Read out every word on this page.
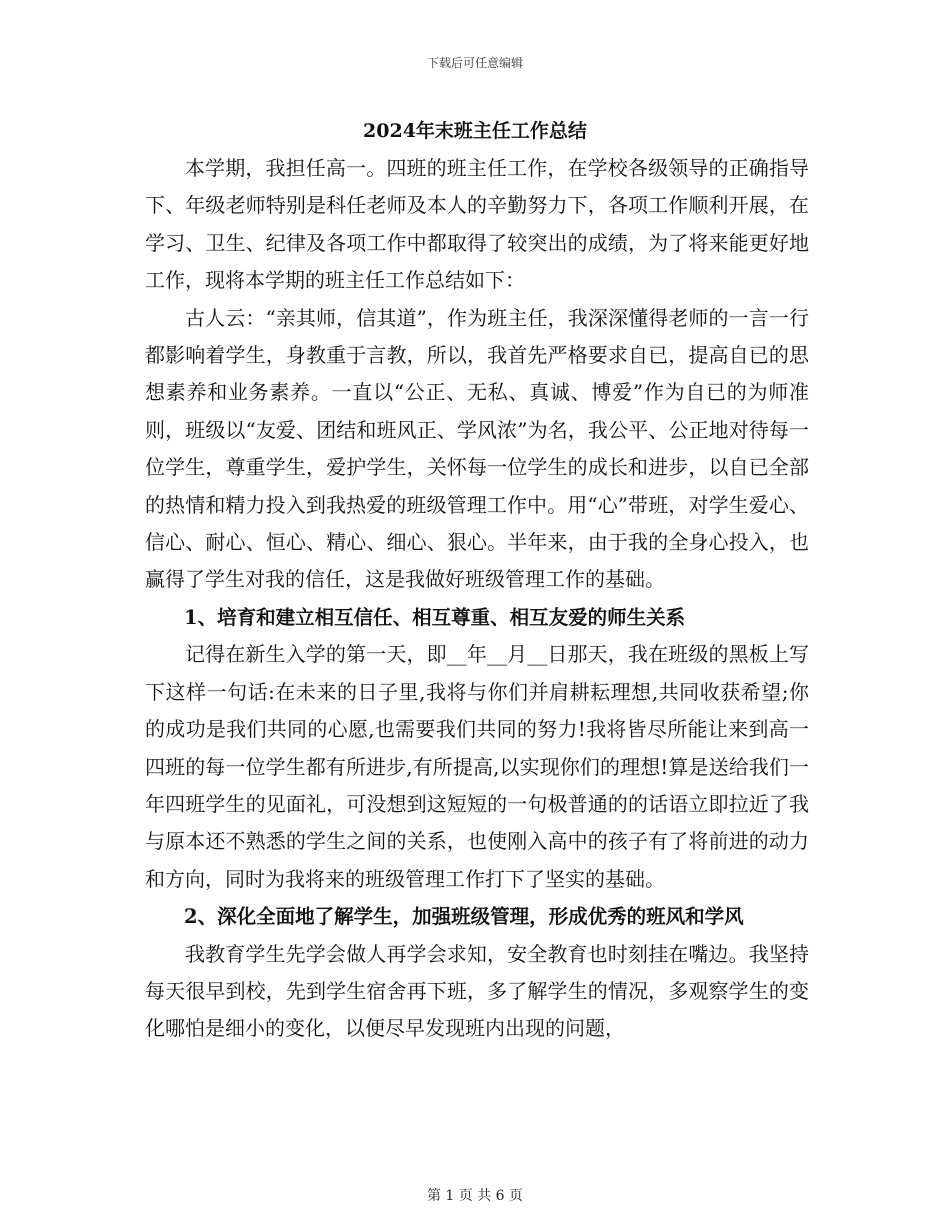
下载后可任意编辑
2024年末班主任工作总结

本学期，我担任高一。四班的班主任工作，在学校各级领导的正确指导下、年级老师特别是科任老师及本人的辛勤努力下，各项工作顺利开展，在学习、卫生、纪律及各项工作中都取得了较突出的成绩，为了将来能更好地工作，现将本学期的班主任工作总结如下：

古人云：“亲其师，信其道”，作为班主任，我深深懂得老师的一言一行都影响着学生，身教重于言教，所以，我首先严格要求自已，提高自已的思想素养和业务素养。一直以“公正、无私、真诚、博爱”作为自已的为师准则，班级以“友爱、团结和班风正、学风浓”为名，我公平、公正地对待每一位学生，尊重学生，爱护学生，关怀每一位学生的成长和进步，以自已全部的热情和精力投入到我热爱的班级管理工作中。用“心”带班，对学生爱心、信心、耐心、恒心、精心、细心、狠心。半年来，由于我的全身心投入，也赢得了学生对我的信任，这是我做好班级管理工作的基础。

1、培育和建立相互信任、相互尊重、相互友爱的师生关系

记得在新生入学的第一天，即__年__月__日那天，我在班级的黑板上写下这样一句话:在未来的日子里,我将与你们并肩耕耘理想,共同收获希望;你的成功是我们共同的心愿,也需要我们共同的努力!我将皆尽所能让来到高一四班的每一位学生都有所进步,有所提高,以实现你们的理想!算是送给我们一年四班学生的见面礼，可没想到这短短的一句极普通的的话语立即拉近了我与原本还不熟悉的学生之间的关系，也使刚入高中的孩子有了将前进的动力和方向，同时为我将来的班级管理工作打下了坚实的基础。

2、深化全面地了解学生，加强班级管理，形成优秀的班风和学风

我教育学生先学会做人再学会求知，安全教育也时刻挂在嘴边。我坚持每天很早到校，先到学生宿舍再下班，多了解学生的情况，多观察学生的变化哪怕是细小的变化，以便尽早发现班内出现的问题，

第 1 页 共 6 页
